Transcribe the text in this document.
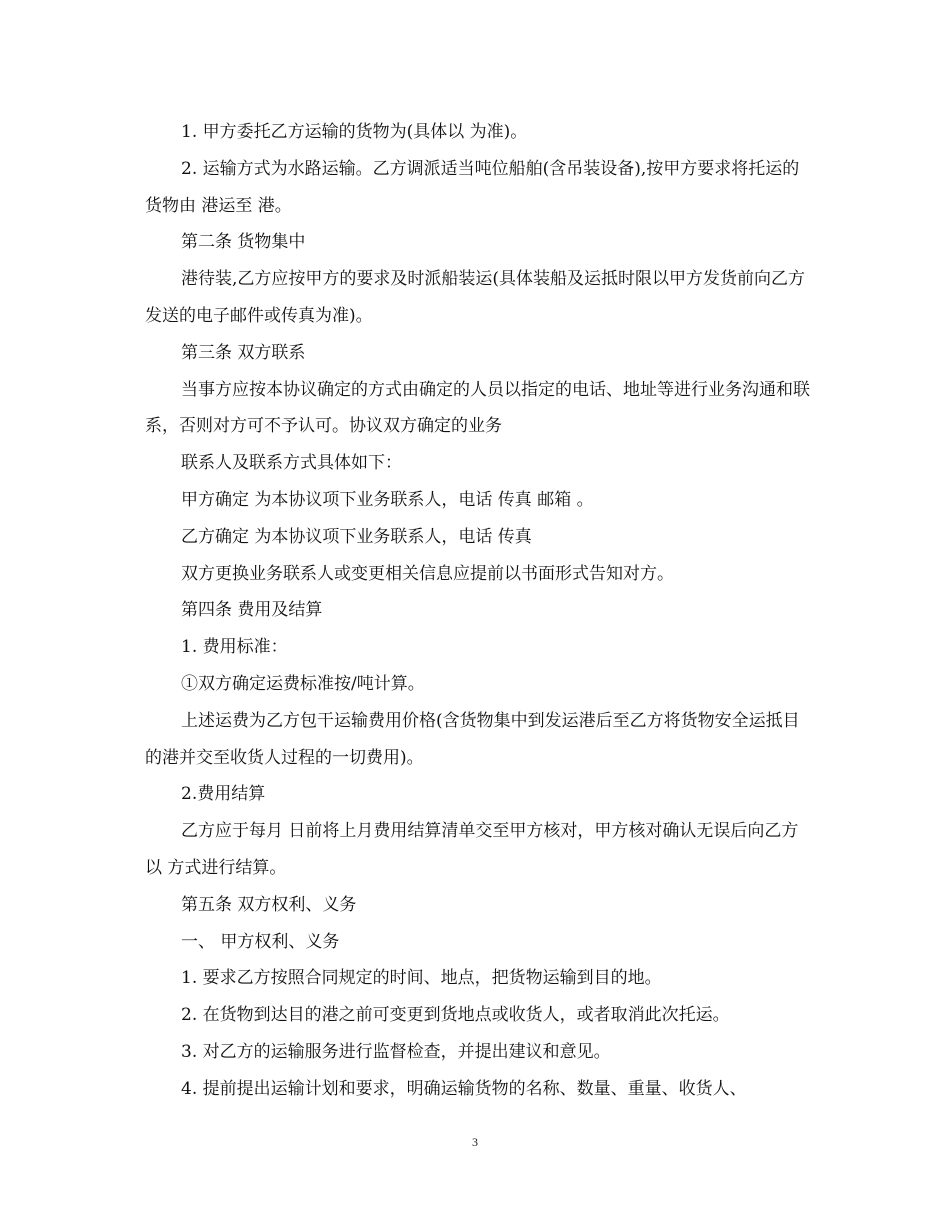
1. 甲方委托乙方运输的货物为(具体以 为准)。

2. 运输方式为水路运输。乙方调派适当吨位船舶(含吊装设备),按甲方要求将托运的货物由 港运至 港。

第二条 货物集中

港待装,乙方应按甲方的要求及时派船装运(具体装船及运抵时限以甲方发货前向乙方发送的电子邮件或传真为准)。

第三条 双方联系

当事方应按本协议确定的方式由确定的人员以指定的电话、地址等进行业务沟通和联系，否则对方可不予认可。协议双方确定的业务

联系人及联系方式具体如下：

甲方确定 为本协议项下业务联系人，电话 传真 邮箱 。

乙方确定 为本协议项下业务联系人，电话 传真

双方更换业务联系人或变更相关信息应提前以书面形式告知对方。

第四条 费用及结算

1. 费用标准：

①双方确定运费标准按/吨计算。

上述运费为乙方包干运输费用价格(含货物集中到发运港后至乙方将货物安全运抵目的港并交至收货人过程的一切费用)。

2.费用结算

乙方应于每月 日前将上月费用结算清单交至甲方核对，甲方核对确认无误后向乙方以 方式进行结算。

第五条 双方权利、义务

一、 甲方权利、义务

1. 要求乙方按照合同规定的时间、地点，把货物运输到目的地。

2. 在货物到达目的港之前可变更到货地点或收货人，或者取消此次托运。

3. 对乙方的运输服务进行监督检查，并提出建议和意见。

4. 提前提出运输计划和要求，明确运输货物的名称、数量、重量、收货人、

3
